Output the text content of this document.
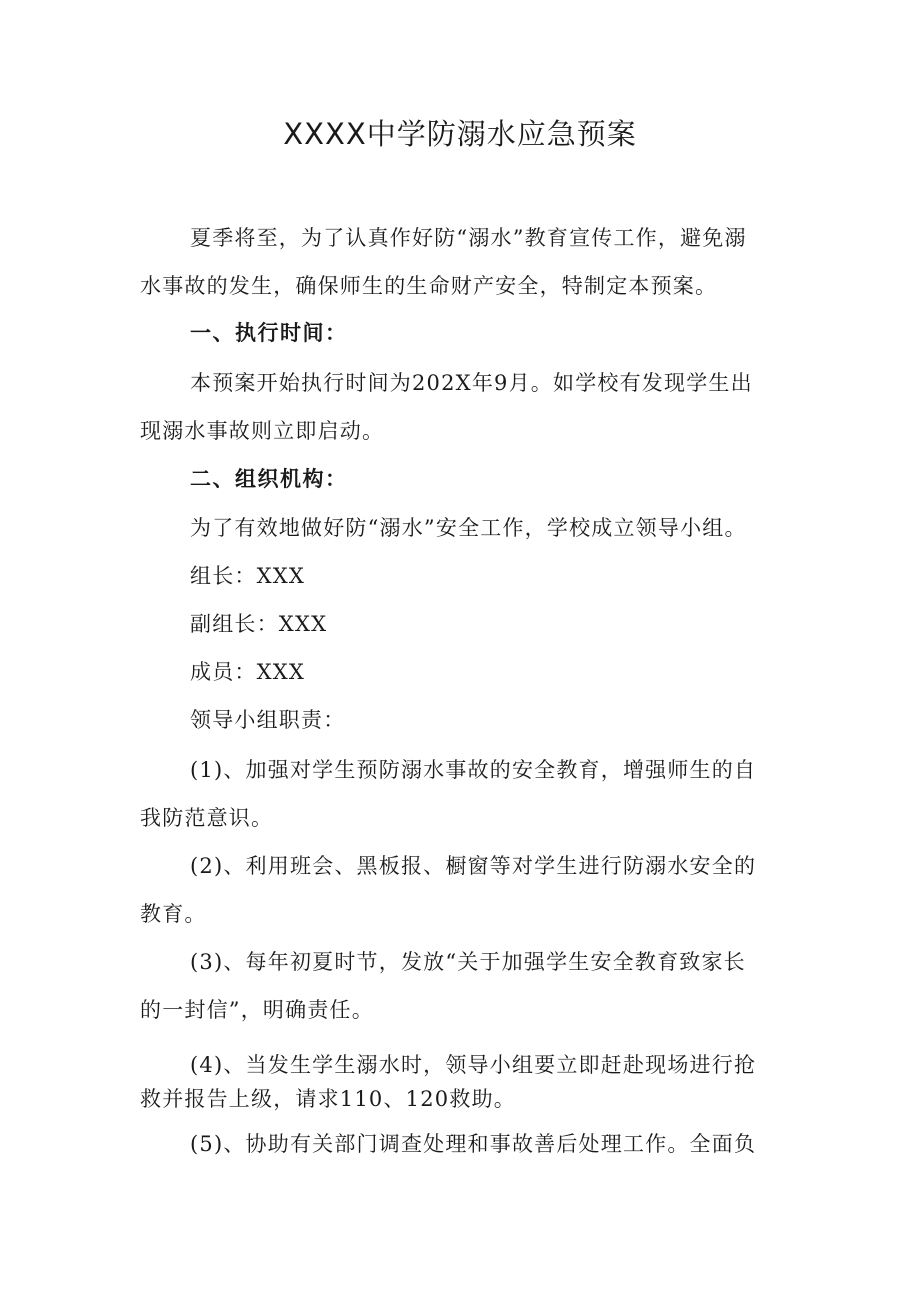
XXXX中学防溺水应急预案
夏季将至，为了认真作好防“溺水”教育宣传工作，避免溺
水事故的发生，确保师生的生命财产安全，特制定本预案。
一、执行时间：
本预案开始执行时间为202X年9月。如学校有发现学生出
现溺水事故则立即启动。
二、组织机构：
为了有效地做好防“溺水”安全工作，学校成立领导小组。
组长：XXX
副组长：XXX
成员：XXX
领导小组职责：
(1)、加强对学生预防溺水事故的安全教育，增强师生的自
我防范意识。
(2)、利用班会、黑板报、橱窗等对学生进行防溺水安全的
教育。
(3)、每年初夏时节，发放“关于加强学生安全教育致家长
的一封信”，明确责任。
(4)、当发生学生溺水时，领导小组要立即赶赴现场进行抢
救并报告上级，请求110、120救助。
(5)、协助有关部门调查处理和事故善后处理工作。全面负
